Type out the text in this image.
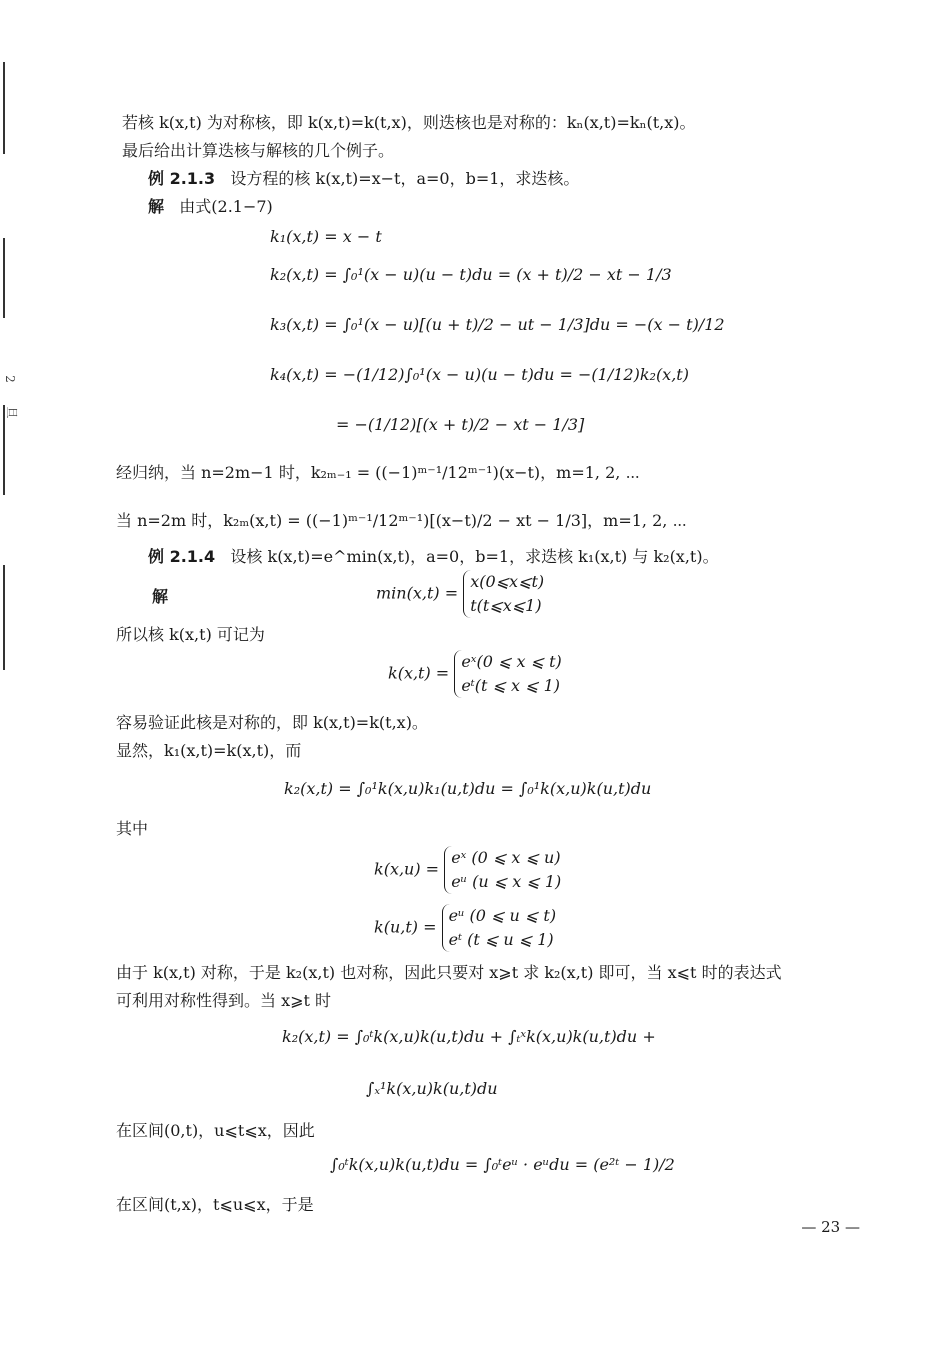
2
旦
若核 k(x,t) 为对称核，即 k(x,t)=k(t,x)，则迭核也是对称的：kₙ(x,t)=kₙ(t,x)。
最后给出计算迭核与解核的几个例子。
例 2.1.3 设方程的核 k(x,t)=x−t，a=0，b=1，求迭核。
解 由式(2.1−7)
k₁(x,t) = x − t
k₂(x,t) = ∫₀¹(x − u)(u − t)du = (x + t)/2 − xt − 1/3
k₃(x,t) = ∫₀¹(x − u)[(u + t)/2 − ut − 1/3]du = −(x − t)/12
k₄(x,t) = −(1/12)∫₀¹(x − u)(u − t)du = −(1/12)k₂(x,t)
= −(1/12)[(x + t)/2 − xt − 1/3]
经归纳，当 n=2m−1 时，k₂ₘ₋₁ = ((−1)ᵐ⁻¹/12ᵐ⁻¹)(x−t)，m=1, 2, ⋯
当 n=2m 时，k₂ₘ(x,t) = ((−1)ᵐ⁻¹/12ᵐ⁻¹)[(x−t)/2 − xt − 1/3]，m=1, 2, ⋯
例 2.1.4 设核 k(x,t)=e^min(x,t)，a=0，b=1，求迭核 k₁(x,t) 与 k₂(x,t)。
解	min(x,t) = x(0⩽x⩽t)
t(t⩽x⩽1)
所以核 k(x,t) 可记为
k(x,t) = eˣ(0 ⩽ x ⩽ t)
eᵗ(t ⩽ x ⩽ 1)
容易验证此核是对称的，即 k(x,t)=k(t,x)。
显然，k₁(x,t)=k(x,t)，而
k₂(x,t) = ∫₀¹k(x,u)k₁(u,t)du = ∫₀¹k(x,u)k(u,t)du
其中
k(x,u) = eˣ (0 ⩽ x ⩽ u)
eᵘ (u ⩽ x ⩽ 1)
k(u,t) = eᵘ (0 ⩽ u ⩽ t)
eᵗ (t ⩽ u ⩽ 1)
由于 k(x,t) 对称，于是 k₂(x,t) 也对称，因此只要对 x⩾t 求 k₂(x,t) 即可，当 x⩽t 时的表达式
可利用对称性得到。当 x⩾t 时
k₂(x,t) = ∫₀ᵗk(x,u)k(u,t)du + ∫ₜˣk(x,u)k(u,t)du +
∫ₓ¹k(x,u)k(u,t)du
在区间(0,t)，u⩽t⩽x，因此
∫₀ᵗk(x,u)k(u,t)du = ∫₀ᵗeᵘ · eᵘdu = (e²ᵗ − 1)/2
在区间(t,x)，t⩽u⩽x，于是
— 23 —
